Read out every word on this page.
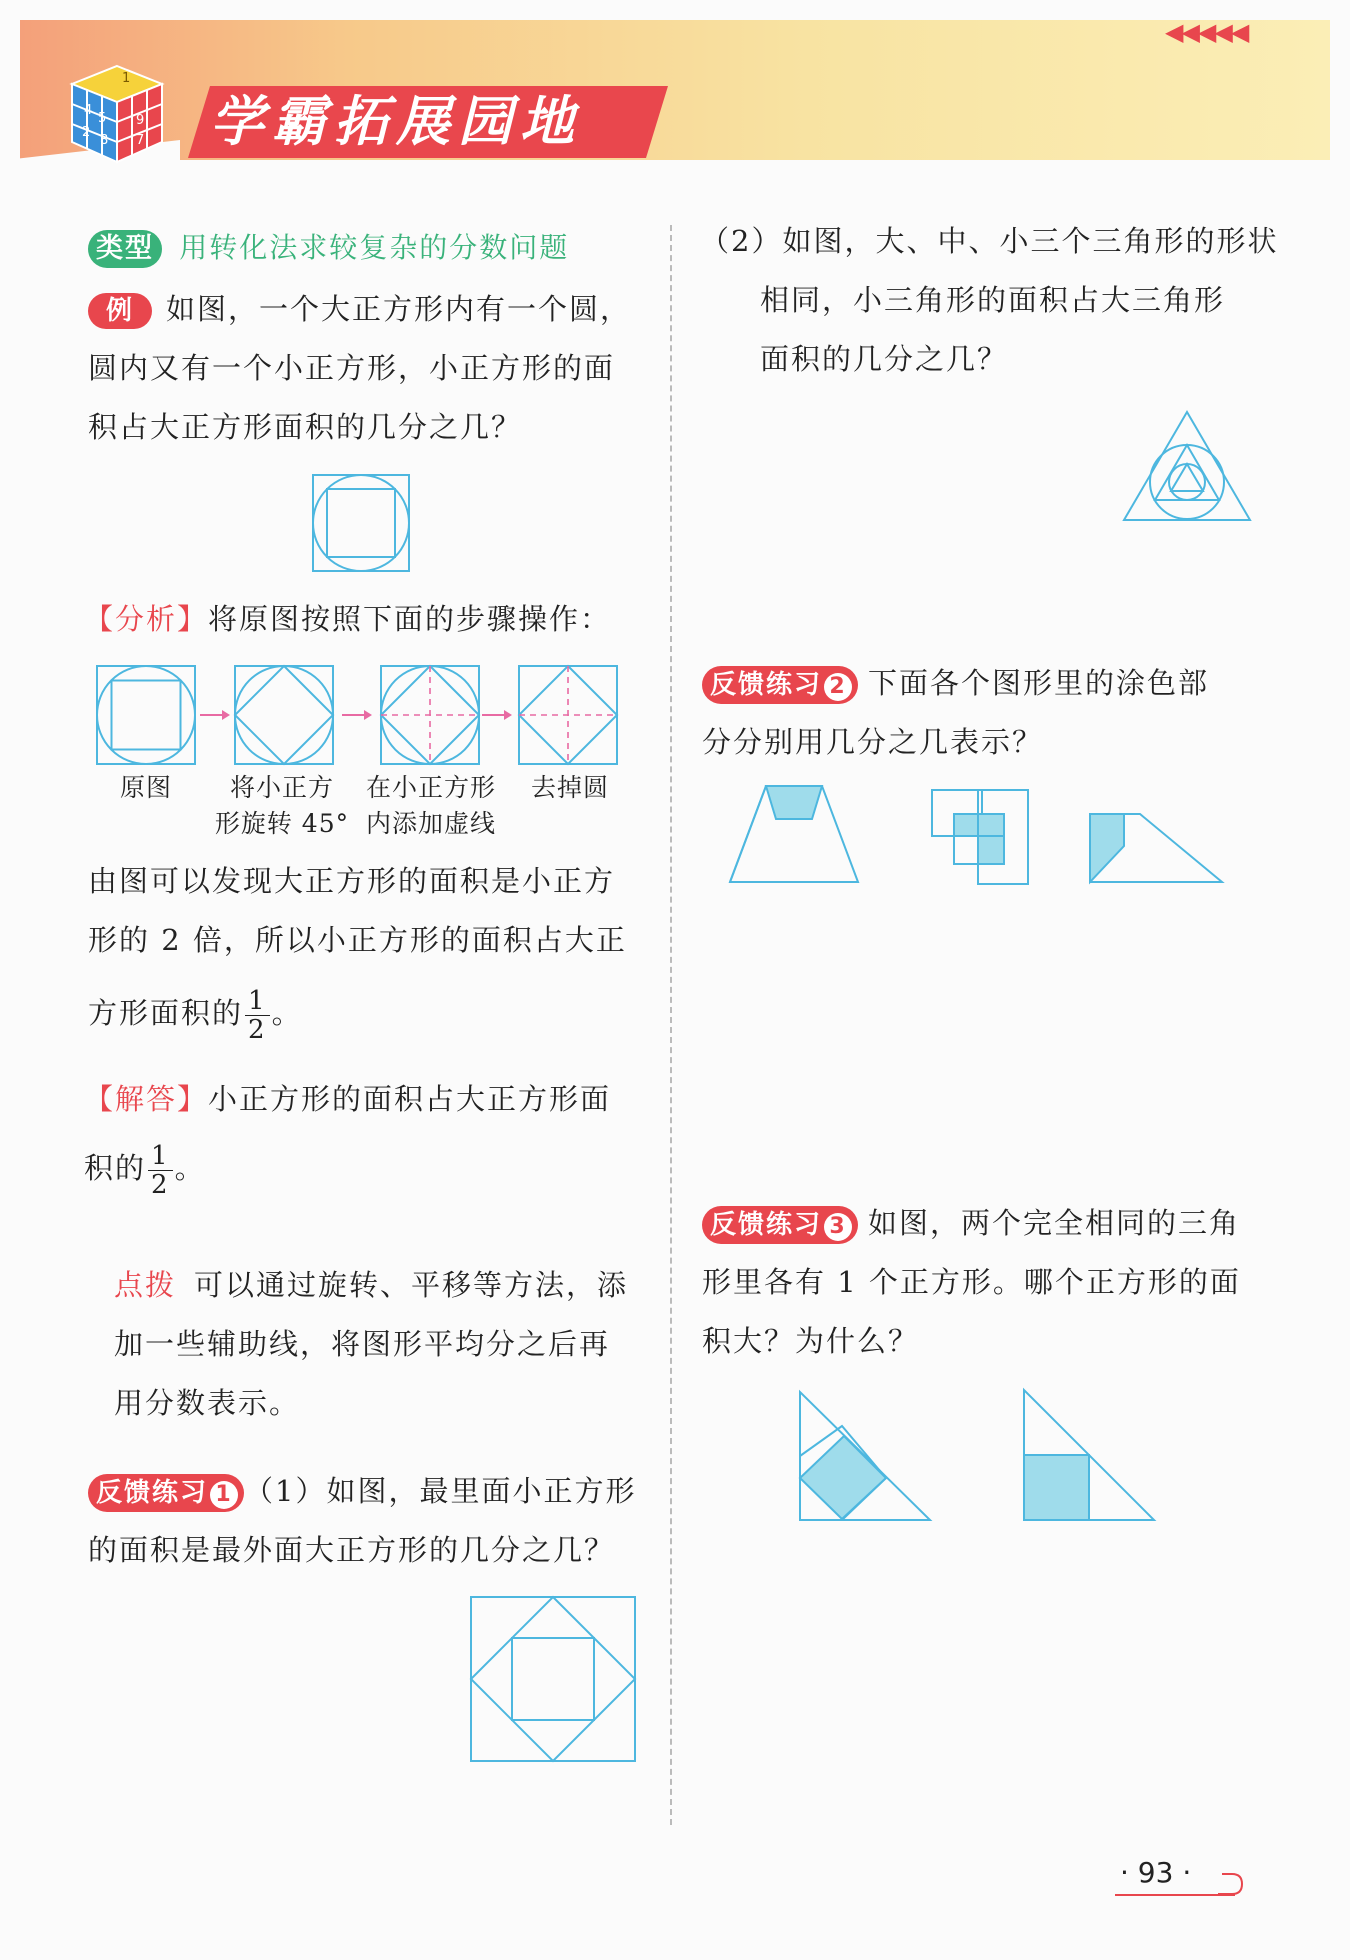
4
5
2
1
9
7
8 学霸拓展园地
◀◀◀◀◀
类型 用转化法求较复杂的分数问题
例 如图，一个大正方形内有一个圆，
圆内又有一个小正方形，小正方形的面
积占大正方形面积的几分之几？
【分析】将原图按照下面的步骤操作：
原图	将小正方
形旋转 45°
在小正方形
内添加虚线
去掉圆
由图可以发现大正方形的面积是小正方
形的 2 倍，所以小正方形的面积占大正
方形面积的 $\frac{1}{2}$ 。
【解答】小正方形的面积占大正方形面
积的 $\frac{1}{2}$ 。
点拨 可以通过旋转、平移等方法，添
加一些辅助线，将图形平均分之后再
用分数表示。
反馈练习 1 （1）如图，最里面小正方形
的面积是最外面大正方形的几分之几？
（2）如图，大、中、小三个三角形的形状
相同，小三角形的面积占大三角形
面积的几分之几？
反馈练习 2 下面各个图形里的涂色部
分分别用几分之几表示？
反馈练习 3 如图，两个完全相同的三角
形里各有 1 个正方形。哪个正方形的面
积大？为什么？
· 93 ·
